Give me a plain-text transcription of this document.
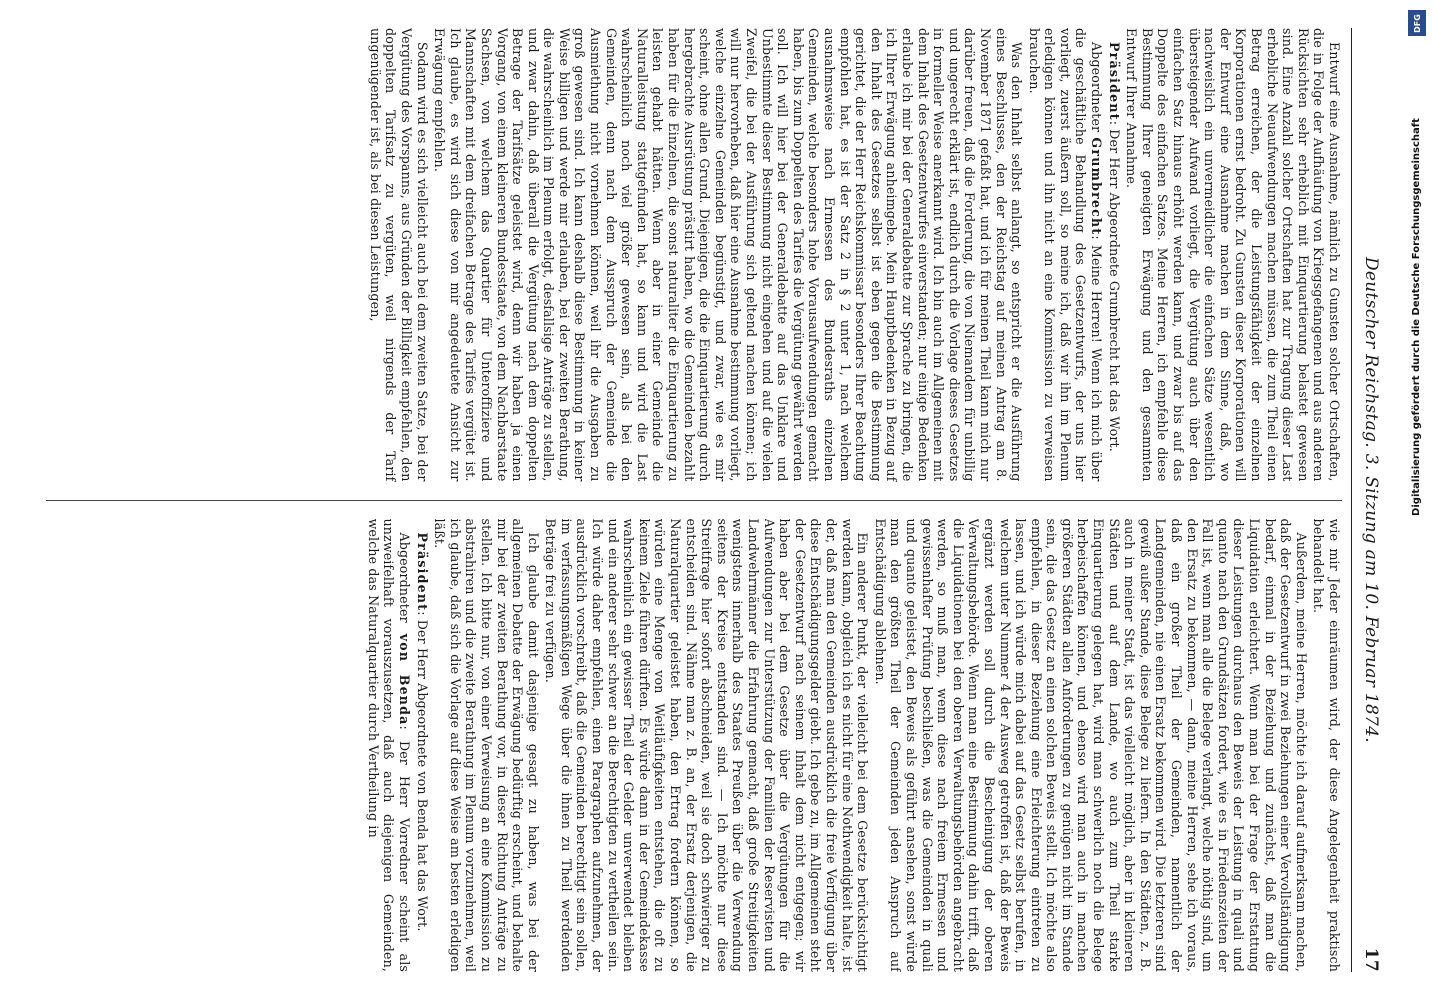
Deutscher Reichstag. 3. Sitzung am 10. Februar 1874.
17

Entwurf eine Ausnahme, nämlich zu Gunsten solcher Ortschaften, die in Folge der Aufhäufung von Kriegsgefangenen und aus anderen Rücksichten sehr erheblich mit Einquartierung belastet gewesen sind. Eine Anzahl solcher Ortschaften hat zur Tragung dieser Last erhebliche Neuaufwendungen machen müssen, die zum Theil einen Betrag erreichen, der die Leistungsfähigkeit der einzelnen Korporationen ernst bedroht. Zu Gunsten dieser Korporationen will der Entwurf eine Ausnahme machen in dem Sinne, daß, wo nachweislich ein unvermeidlicher die einfachen Sätze wesentlich übersteigender Aufwand vorliegt, die Vergütung auch über den einfachen Satz hinaus erhöht werden kann, und zwar bis auf das Doppelte des einfachen Satzes. Meine Herren, ich empfehle diese Bestimmung Ihrer geneigten Erwägung und den gesammten Entwurf Ihrer Annahme.

Präsident: Der Herr Abgeordnete Grumbrecht hat das Wort.

Abgeordneter Grumbrecht: Meine Herren! Wenn ich mich über die geschäftliche Behandlung des Gesetzentwurfs, der uns hier vorliegt, zuerst äußern soll, so meine ich, daß wir ihn im Plenum erledigen können und ihn nicht an eine Kommission zu verweisen brauchen.

Was den Inhalt selbst anlangt, so entspricht er die Ausführung eines Beschlusses, den der Reichstag auf meinen Antrag am 8. November 1871 gefaßt hat, und ich für meinen Theil kann mich nur darüber freuen, daß die Forderung, die von Niemandem für unbillig und ungerecht erklärt ist, endlich durch die Vorlage dieses Gesetzes in formeller Weise anerkannt wird. Ich bin auch im Allgemeinen mit dem Inhalt des Gesetzentwurfes einverstanden; nur einige Bedenken erlaube ich mir bei der Generaldebatte zur Sprache zu bringen, die ich Ihrer Erwägung anheimgebe. Mein Hauptbedenken in Bezug auf den Inhalt des Gesetzes selbst ist eben gegen die Bestimmung gerichtet, die der Herr Reichskommissar besonders Ihrer Beachtung empfohlen hat, es ist der Satz 2 in § 2 unter 1, nach welchem ausnahmsweise nach Ermessen des Bundesraths einzelnen Gemeinden, welche besonders hohe Vorausaufwendungen gemacht haben, bis zum Doppelten des Tarifes die Vergütung gewährt werden soll. Ich will hier bei der Generaldebatte auf das Unklare und Unbestimmte dieser Bestimmung nicht eingehen und auf die vielen Zweifel, die bei der Ausführung sich geltend machen können; ich will nur hervorheben, daß hier eine Ausnahme bestimmung vorliegt, welche einzelne Gemeinden begünstigt, und zwar, wie es mir scheint, ohne allen Grund. Diejenigen, die die Einquartierung durch hergebrachte Ausrüstung prästirt haben, wo die Gemeinden bezahlt haben für die Einzelnen, die sonst naturaliter die Einquartierung zu leisten gehabt hätten. Wenn aber in einer Gemeinde die Naturalleistung stattgefunden hat, so kann und wird die Last wahrscheinlich noch viel größer gewesen sein, als bei den Gemeinden, denn nach dem Ausspruch der Gemeinde die Ausmiethung nicht vornehmen können, weil ihr die Ausgaben zu groß gewesen sind. Ich kann deshalb diese Bestimmung in keiner Weise billigen und werde mir erlauben, bei der zweiten Berathung, die wahrscheinlich im Plenum erfolgt, desfallsige Anträge zu stellen, und zwar dahin, daß überall die Vergütung nach dem doppelten Betrage der Tarifsätze geleistet wird, denn wir haben ja einen Vorgang, von einem kleineren Bundesstaate, von dem Nachbarstaate Sachsen, von welchem das Quartier für Unteroffiziere und Mannschaften mit dem dreifachen Betrage des Tarifes vergütet ist. Ich glaube, es wird sich diese von mir angedeutete Ansicht zur Erwägung empfehlen.

Sodann wird es sich vielleicht auch bei dem zweiten Satze, bei der Vergütung des Vorspanns, aus Gründen der Billigkeit empfehlen, den doppelten Tarifsatz zu vergüten, weil nirgends der Tarif ungenügender ist, als bei diesen Leistungen,

wie mir Jeder einräumen wird, der diese Angelegenheit praktisch behandelt hat.

Außerdem, meine Herren, möchte ich darauf aufmerksam machen, daß der Gesetzentwurf in zwei Beziehungen einer Vervollständigung bedarf, einmal in der Beziehung und zunächst, daß man die Liquidation erleichtert. Wenn man bei der Frage der Erstattung dieser Leistungen durchaus den Beweis der Leistung in quali und quanto nach den Grundsätzen fordert, wie es in Friedenszeiten der Fall ist, wenn man alle die Belege verlangt, welche nöthig sind, um den Ersatz zu bekommen, — dann, meine Herren, sehe ich voraus, daß ein großer Theil der Gemeinden, namentlich der Landgemeinden, nie einen Ersatz bekommen wird. Die letzteren sind gewiß außer Stande, diese Belege zu liefern. In den Städten, z. B. auch in meiner Stadt, ist das vielleicht möglich, aber in kleineren Städten und auf dem Lande, wo auch zum Theil starke Einquartierung gelegen hat, wird man schwerlich noch die Belege herbeischaffen können, und ebenso wird man auch in manchen größeren Städten allen Anforderungen zu genügen nicht im Stande sein, die das Gesetz an einen solchen Beweis stellt. Ich möchte also empfehlen, in dieser Beziehung eine Erleichterung eintreten zu lassen, und ich würde mich dabei auf das Gesetz selbst berufen, in welchem unter Nummer 4 der Ausweg getroffen ist, daß der Beweis ergänzt werden soll durch die Bescheinigung der oberen Verwaltungsbehörde. Wenn man eine Bestimmung dahin trifft, daß die Liquidationen bei den oberen Verwaltungsbehörden angebracht werden, so muß man, wenn diese nach freiem Ermessen und gewissenhafter Prüfung beschließen, was die Gemeinden in quali und quanto geleistet, den Beweis als geführt ansehen, sonst würde man den größten Theil der Gemeinden jeden Anspruch auf Entschädigung ablehnen.

Ein anderer Punkt, der vielleicht bei dem Gesetze berücksichtigt werden kann, obgleich ich es nicht für eine Nothwendigkeit halte, ist der, daß man den Gemeinden ausdrücklich die freie Verfügung über diese Entschädigungsgelder giebt. Ich gebe zu, im Allgemeinen steht der Gesetzentwurf nach seinem Inhalt dem nicht entgegen; wir haben aber bei dem Gesetze über die Vergütungen für die Aufwendungen zur Unterstützung der Familien der Reservisten und Landwehrmänner die Erfahrung gemacht, daß große Streitigkeiten wenigstens innerhalb des Staates Preußen über die Verwendung seitens der Kreise entstanden sind. — Ich möchte nur diese Streitfrage hier sofort abschneiden, weil sie doch schwieriger zu entscheiden sind. Nähme man z. B. an, der Ersatz derjenigen, die Naturalquartier geleistet haben, den Ertrag fordern können, so würden eine Menge von Weitläufigkeiten entstehen, die oft zu keinem Ziele führen dürften. Es würde dann in der Gemeindekasse wahrscheinlich ein gewisser Theil der Gelder unverwendet bleiben und ein anderer sehr schwer an die Berechtigten zu vertheilen sein. Ich würde daher empfehlen, einen Paragraphen aufzunehmen, der ausdrücklich vorschreibt, daß die Gemeinden berechtigt sein sollen, im verfassungsmäßigen Wege über die ihnen zu Theil werdenden Beträge frei zu verfügen.

Ich glaube damit dasjenige gesagt zu haben, was bei der allgemeinen Debatte der Erwägung bedürftig erscheint, und behalte mir bei der zweiten Berathung vor, in dieser Richtung Anträge zu stellen. Ich bitte nur, von einer Verweisung an eine Kommission zu abstrahiren und die zweite Berathung im Plenum vorzunehmen, weil ich glaube, daß sich die Vorlage auf diese Weise am besten erledigen läßt.

Präsident: Der Herr Abgeordnete von Benda hat das Wort.

Abgeordneter von Benda: Der Herr Vorredner scheint als unzweifelhaft vorauszusetzen, daß auch diejenigen Gemeinden, welche das Naturalquartier durch Vertheilung in

DFG
Digitalisierung gefördert durch die Deutsche Forschungsgemeinschaft
